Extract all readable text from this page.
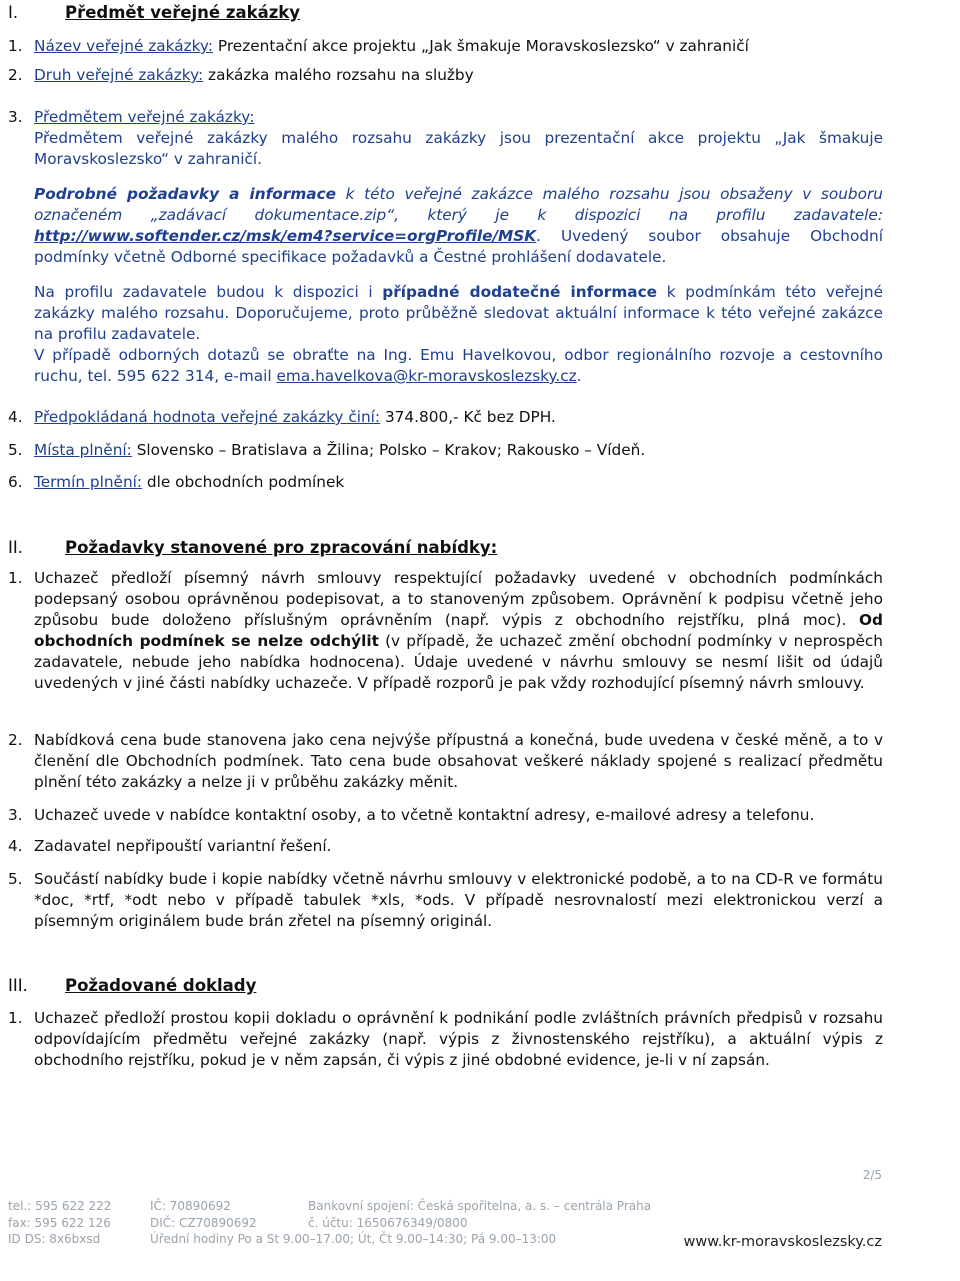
I.	Předmět veřejné zakázky
1. Název veřejné zakázky: Prezentační akce projektu „Jak šmakuje Moravskoslezsko“ v zahraničí
2. Druh veřejné zakázky: zakázka malého rozsahu na služby
3. Předmětem veřejné zakázky:

Předmětem veřejné zakázky malého rozsahu zakázky jsou prezentační akce projektu „Jak šmakuje Moravskoslezsko“ v zahraničí.

Podrobné požadavky a informace k této veřejné zakázce malého rozsahu jsou obsaženy v souboru označeném „zadávací dokumentace.zip“, který je k dispozici na profilu zadavatele: http://www.softender.cz/msk/em4?service=orgProfile/MSK. Uvedený soubor obsahuje Obchodní podmínky včetně Odborné specifikace požadavků a Čestné prohlášení dodavatele.

Na profilu zadavatele budou k dispozici i případné dodatečné informace k podmínkám této veřejné zakázky malého rozsahu. Doporučujeme, proto průběžně sledovat aktuální informace k této veřejné zakázce na profilu zadavatele.

V případě odborných dotazů se obraťte na Ing. Emu Havelkovou, odbor regionálního rozvoje a cestovního ruchu, tel. 595 622 314, e-mail ema.havelkova@kr-moravskoslezsky.cz.

4. Předpokládaná hodnota veřejné zakázky činí: 374.800,- Kč bez DPH.
5. Místa plnění: Slovensko – Bratislava a Žilina; Polsko – Krakov; Rakousko – Vídeň.
6. Termín plnění: dle obchodních podmínek
II.	Požadavky stanovené pro zpracování nabídky:
1. Uchazeč předloží písemný návrh smlouvy respektující požadavky uvedené v obchodních podmínkách podepsaný osobou oprávněnou podepisovat, a to stanoveným způsobem. Oprávnění k podpisu včetně jeho způsobu bude doloženo příslušným oprávněním (např. výpis z obchodního rejstříku, plná moc). Od obchodních podmínek se nelze odchýlit (v případě, že uchazeč změní obchodní podmínky v neprospěch zadavatele, nebude jeho nabídka hodnocena). Údaje uvedené v návrhu smlouvy se nesmí lišit od údajů uvedených v jiné části nabídky uchazeče. V případě rozporů je pak vždy rozhodující písemný návrh smlouvy.
2. Nabídková cena bude stanovena jako cena nejvýše přípustná a konečná, bude uvedena v české měně, a to v členění dle Obchodních podmínek. Tato cena bude obsahovat veškeré náklady spojené s realizací předmětu plnění této zakázky a nelze ji v průběhu zakázky měnit.
3. Uchazeč uvede v nabídce kontaktní osoby, a to včetně kontaktní adresy, e-mailové adresy a telefonu.
4. Zadavatel nepřipouští variantní řešení.
5. Součástí nabídky bude i kopie nabídky včetně návrhu smlouvy v elektronické podobě, a to na CD-R ve formátu *doc, *rtf, *odt nebo v případě tabulek *xls, *ods. V případě nesrovnalostí mezi elektronickou verzí a písemným originálem bude brán zřetel na písemný originál.
III. Požadované doklady
1. Uchazeč předloží prostou kopii dokladu o oprávnění k podnikání podle zvláštních právních předpisů v rozsahu odpovídajícím předmětu veřejné zakázky (např. výpis z živnostenského rejstříku), a aktuální výpis z obchodního rejstříku, pokud je v něm zapsán, či výpis z jiné obdobné evidence, je-li v ní zapsán.
2/5
tel.: 595 622 222
fax: 595 622 126
ID DS: 8x6bxsd
IČ: 70890692
DIČ: CZ70890692
Úřední hodiny Po a St 9.00–17.00; Út, Čt 9.00–14:30; Pá 9.00–13:00
Bankovní spojení: Česká spořitelna, a. s. – centrála Praha
č. účtu: 1650676349/0800
www.kr-moravskoslezsky.cz
